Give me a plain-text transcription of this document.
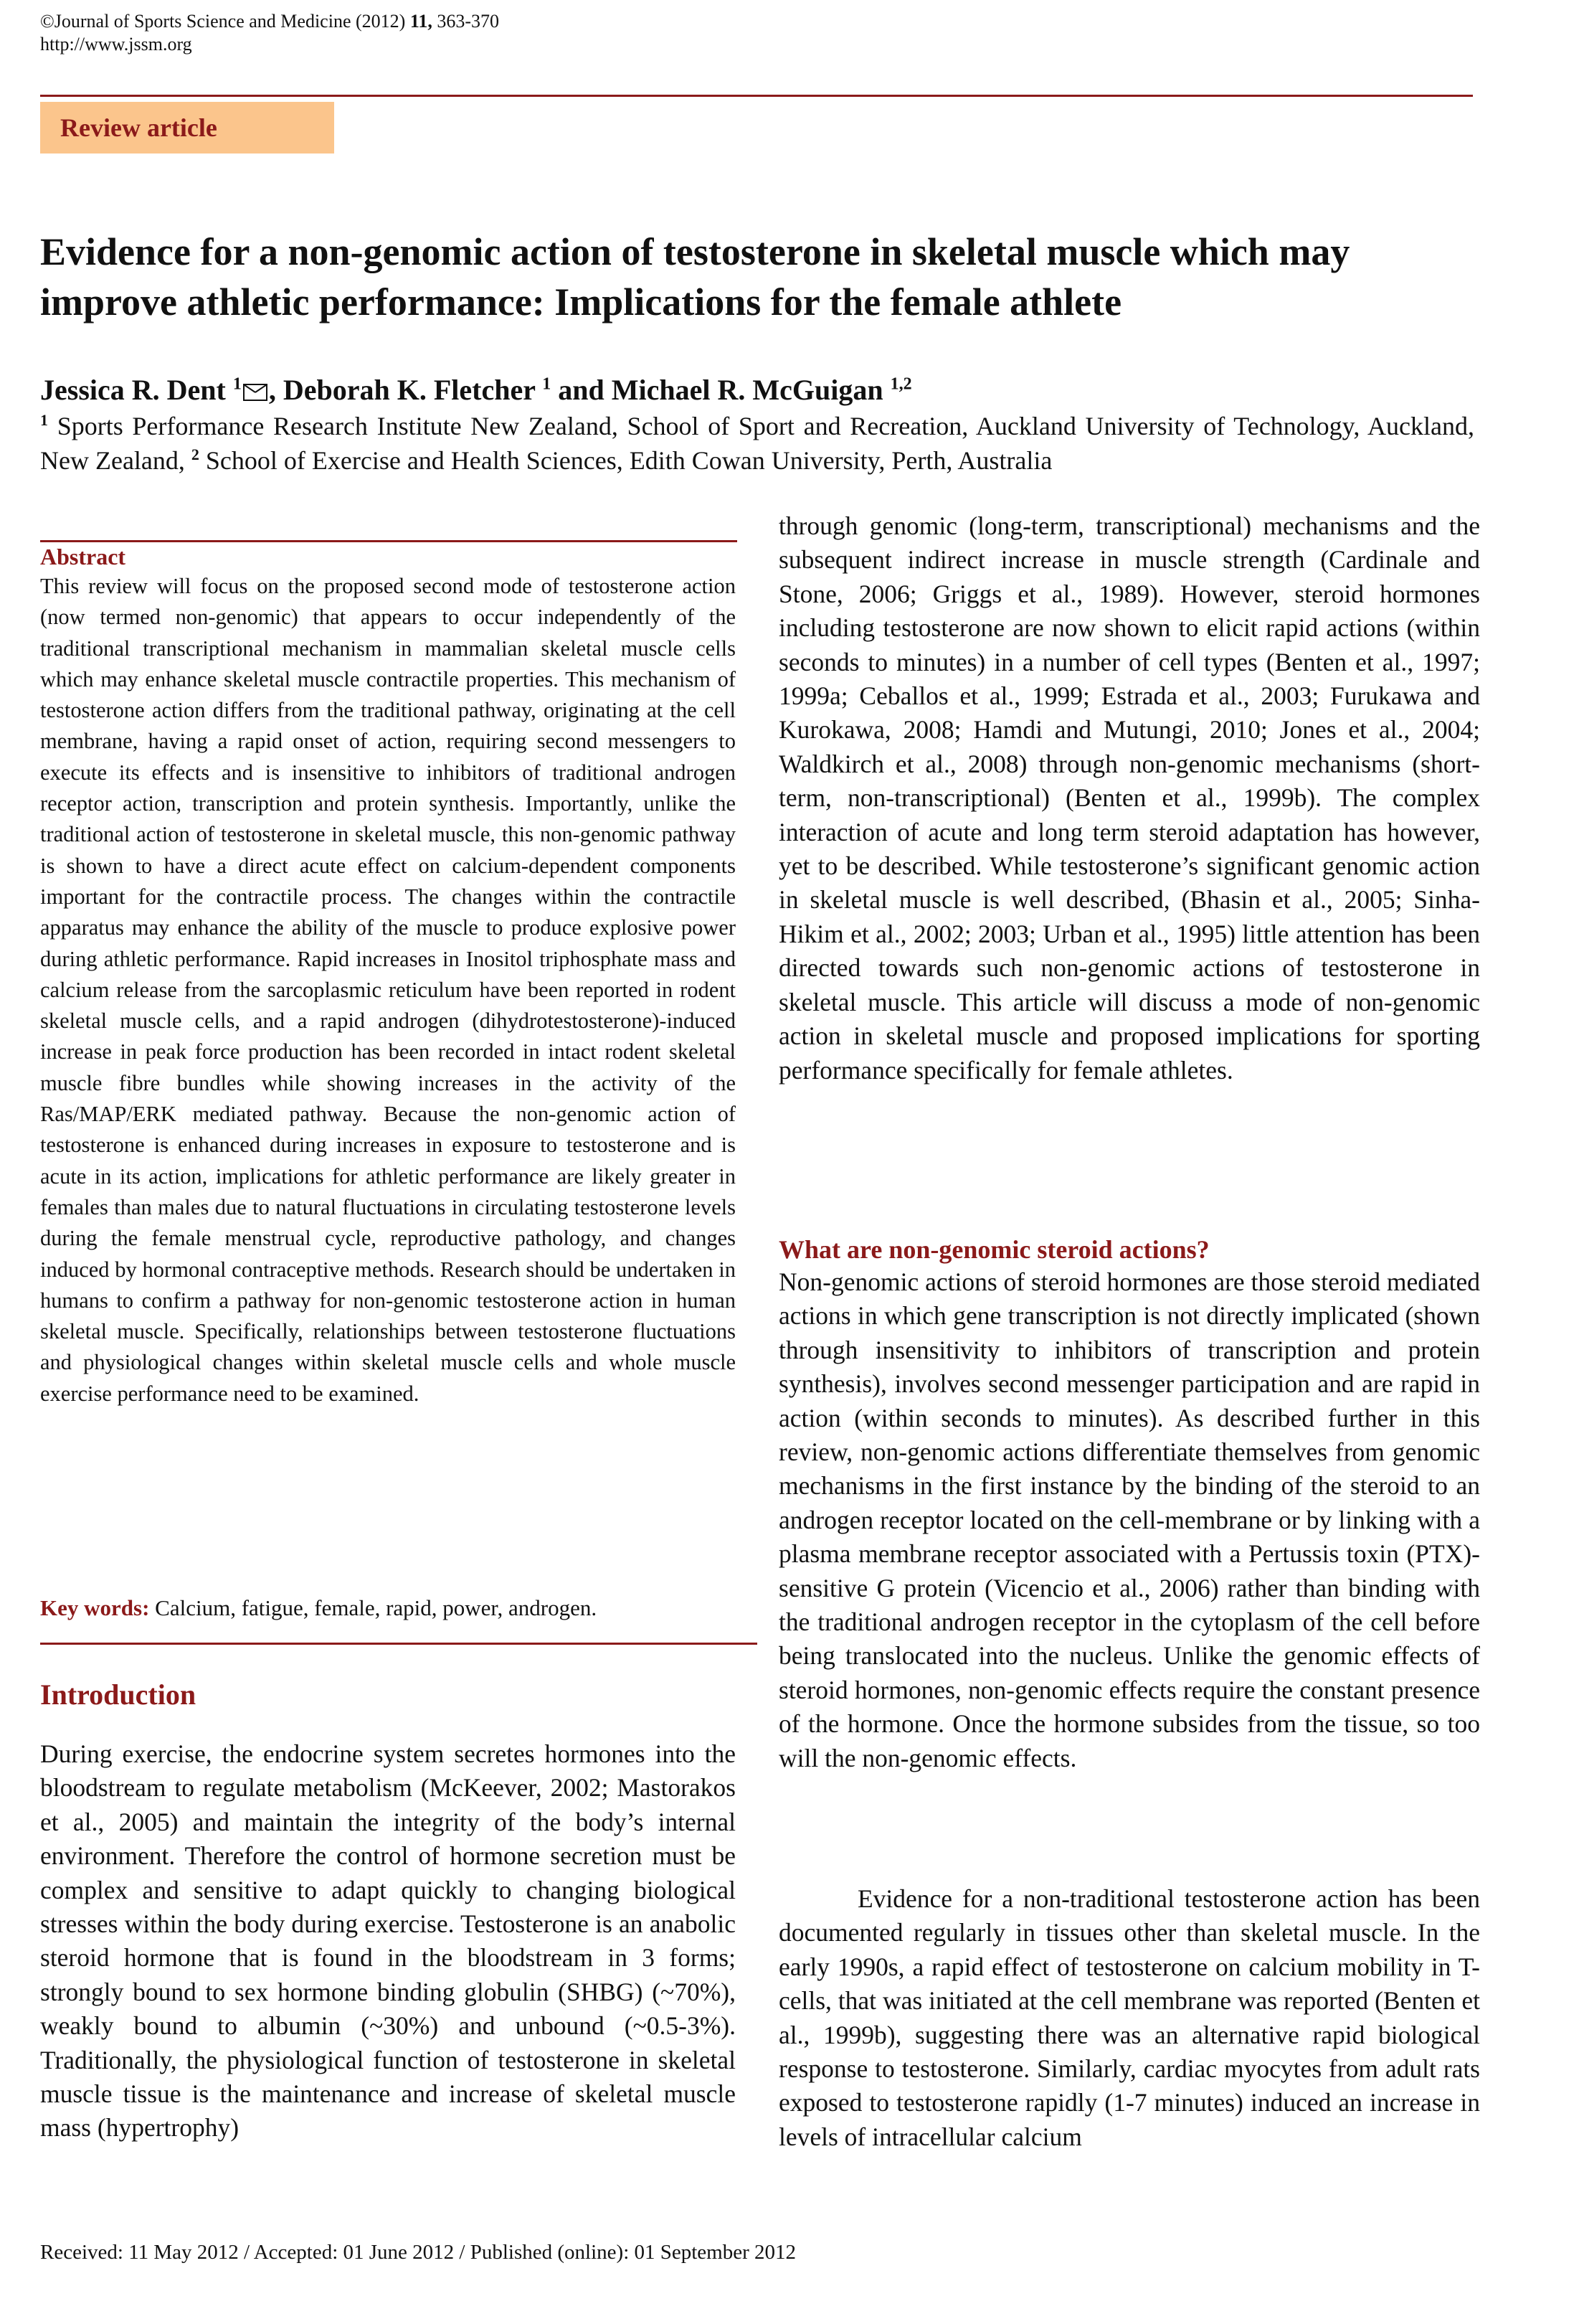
©Journal of Sports Science and Medicine (2012) 11, 363-370
http://www.jssm.org
Review article
Evidence for a non-genomic action of testosterone in skeletal muscle which may improve athletic performance: Implications for the female athlete
Jessica R. Dent $^1$ , Deborah K. Fletcher $^1$ and Michael R. McGuigan $^{1,2}$
$^1$ Sports Performance Research Institute New Zealand, School of Sport and Recreation, Auckland University of Technology, Auckland, New Zealand, $^2$ School of Exercise and Health Sciences, Edith Cowan University, Perth, Australia
Abstract

This review will focus on the proposed second mode of testosterone action (now termed non-genomic) that appears to occur independently of the traditional transcriptional mechanism in mammalian skeletal muscle cells which may enhance skeletal muscle contractile properties. This mechanism of testosterone action differs from the traditional pathway, originating at the cell membrane, having a rapid onset of action, requiring second messengers to execute its effects and is insensitive to inhibitors of traditional androgen receptor action, transcription and protein synthesis. Importantly, unlike the traditional action of testosterone in skeletal muscle, this non-genomic pathway is shown to have a direct acute effect on calcium-dependent components important for the contractile process. The changes within the contractile apparatus may enhance the ability of the muscle to produce explosive power during athletic performance. Rapid increases in Inositol triphosphate mass and calcium release from the sarcoplasmic reticulum have been reported in rodent skeletal muscle cells, and a rapid androgen (dihydrotestosterone)-induced increase in peak force production has been recorded in intact rodent skeletal muscle fibre bundles while showing increases in the activity of the Ras/MAP/ERK mediated pathway. Because the non-genomic action of testosterone is enhanced during increases in exposure to testosterone and is acute in its action, implications for athletic performance are likely greater in females than males due to natural fluctuations in circulating testosterone levels during the female menstrual cycle, reproductive pathology, and changes induced by hormonal contraceptive methods. Research should be undertaken in humans to confirm a pathway for non-genomic testosterone action in human skeletal muscle. Specifically, relationships between testosterone fluctuations and physiological changes within skeletal muscle cells and whole muscle exercise performance need to be examined.

Key words: Calcium, fatigue, female, rapid, power, androgen.
Introduction

During exercise, the endocrine system secretes hormones into the bloodstream to regulate metabolism (McKeever, 2002; Mastorakos et al., 2005) and maintain the integrity of the body’s internal environment. Therefore the control of hormone secretion must be complex and sensitive to adapt quickly to changing biological stresses within the body during exercise. Testosterone is an anabolic steroid hormone that is found in the bloodstream in 3 forms; strongly bound to sex hormone binding globulin (SHBG) (~70%), weakly bound to albumin (~30%) and unbound (~0.5-3%). Traditionally, the physiological function of testosterone in skeletal muscle tissue is the maintenance and increase of skeletal muscle mass (hypertrophy)

through genomic (long-term, transcriptional) mechanisms and the subsequent indirect increase in muscle strength (Cardinale and Stone, 2006; Griggs et al., 1989). However, steroid hormones including testosterone are now shown to elicit rapid actions (within seconds to minutes) in a number of cell types (Benten et al., 1997; 1999a; Ceballos et al., 1999; Estrada et al., 2003; Furukawa and Kurokawa, 2008; Hamdi and Mutungi, 2010; Jones et al., 2004; Waldkirch et al., 2008) through non-genomic mechanisms (short-term, non-transcriptional) (Benten et al., 1999b). The complex interaction of acute and long term steroid adaptation has however, yet to be described. While testosterone’s significant genomic action in skeletal muscle is well described, (Bhasin et al., 2005; Sinha-Hikim et al., 2002; 2003; Urban et al., 1995) little attention has been directed towards such non-genomic actions of testosterone in skeletal muscle. This article will discuss a mode of non-genomic action in skeletal muscle and proposed implications for sporting performance specifically for female athletes.

What are non-genomic steroid actions?

Non-genomic actions of steroid hormones are those steroid mediated actions in which gene transcription is not directly implicated (shown through insensitivity to inhibitors of transcription and protein synthesis), involves second messenger participation and are rapid in action (within seconds to minutes). As described further in this review, non-genomic actions differentiate themselves from genomic mechanisms in the first instance by the binding of the steroid to an androgen receptor located on the cell-membrane or by linking with a plasma membrane receptor associated with a Pertussis toxin (PTX)-sensitive G protein (Vicencio et al., 2006) rather than binding with the traditional androgen receptor in the cytoplasm of the cell before being translocated into the nucleus. Unlike the genomic effects of steroid hormones, non-genomic effects require the constant presence of the hormone. Once the hormone subsides from the tissue, so too will the non-genomic effects.

Evidence for a non-traditional testosterone action has been documented regularly in tissues other than skeletal muscle. In the early 1990s, a rapid effect of testosterone on calcium mobility in T-cells, that was initiated at the cell membrane was reported (Benten et al., 1999b), suggesting there was an alternative rapid biological response to testosterone. Similarly, cardiac myocytes from adult rats exposed to testosterone rapidly (1-7 minutes) induced an increase in levels of intracellular calcium

Received: 11 May 2012 / Accepted: 01 June 2012 / Published (online): 01 September 2012
